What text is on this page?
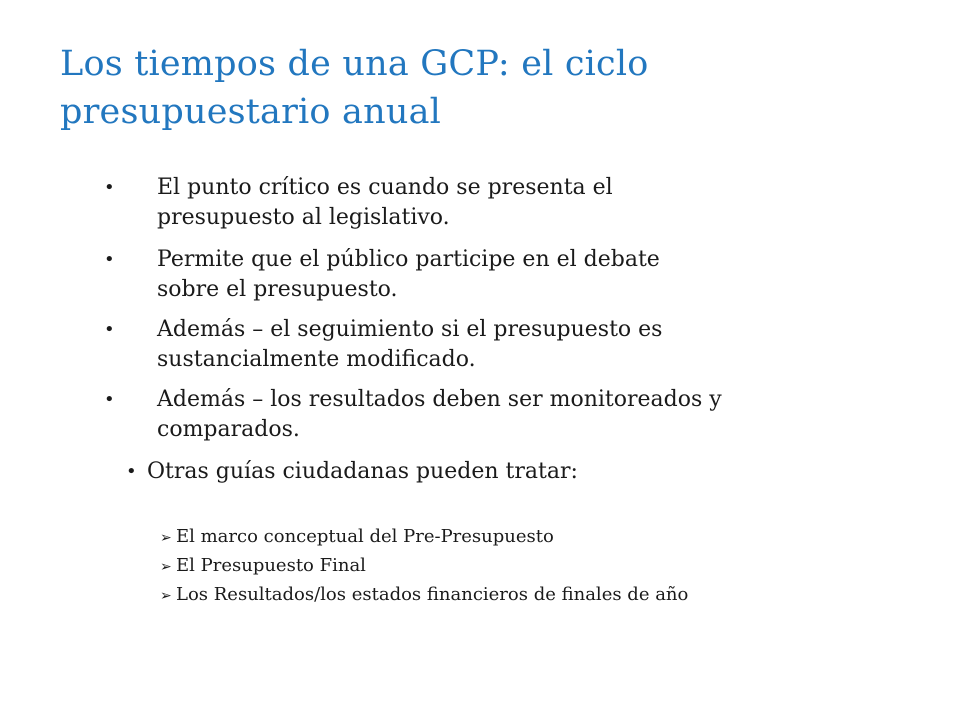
Los tiempos de una GCP: el ciclo
presupuestario anual
• El punto crítico es cuando se presenta el
presupuesto al legislativo.
• Permite que el público participe en el debate
sobre el presupuesto.
• Además – el seguimiento si el presupuesto es
sustancialmente modificado.
• Además – los resultados deben ser monitoreados y
comparados.
• Otras guías ciudadanas pueden tratar:
➢ El marco conceptual del Pre-Presupuesto
➢ El Presupuesto Final
➢ Los Resultados/los estados financieros de finales de año
